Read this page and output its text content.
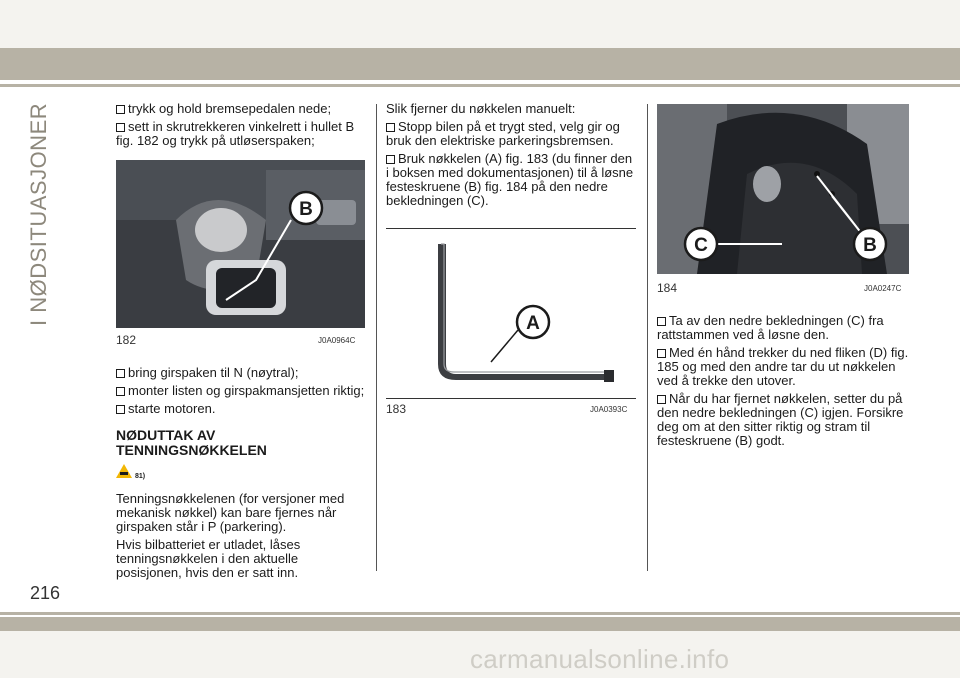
I NØDSITUASJONER	trykk og hold bremsepedalen nede;

sett in skrutrekkeren vinkelrett i hullet B fig. 182 og trykk på utløserspaken;

B
182	J0A0964C

bring girspaken til N (nøytral);

monter listen og girspakmansjetten riktig;

starte motoren.

NØDUTTAK AV TENNINGSNØKKELEN
81)

Tenningsnøkkelenen (for versjoner med mekanisk nøkkel) kan bare fjernes når girspaken står i P (parkering).

Hvis bilbatteriet er utladet, låses tenningsnøkkelen i den aktuelle posisjonen, hvis den er satt inn.

Slik fjerner du nøkkelen manuelt:

Stopp bilen på et trygt sted, velg gir og bruk den elektriske parkeringsbremsen.

Bruk nøkkelen (A) fig. 183 (du finner den i boksen med dokumentasjonen) til å løsne festeskruene (B) fig. 184 på den nedre bekledningen (C).

A
183	J0A0393C
C	B
184	J0A0247C

Ta av den nedre bekledningen (C) fra rattstammen ved å løsne den.

Med én hånd trekker du ned fliken (D) fig. 185 og med den andre tar du ut nøkkelen ved å trekke den utover.

Når du har fjernet nøkkelen, setter du på den nedre bekledningen (C) igjen. Forsikre deg om at den sitter riktig og stram til festeskruene (B) godt.

216
carmanualsonline.info
